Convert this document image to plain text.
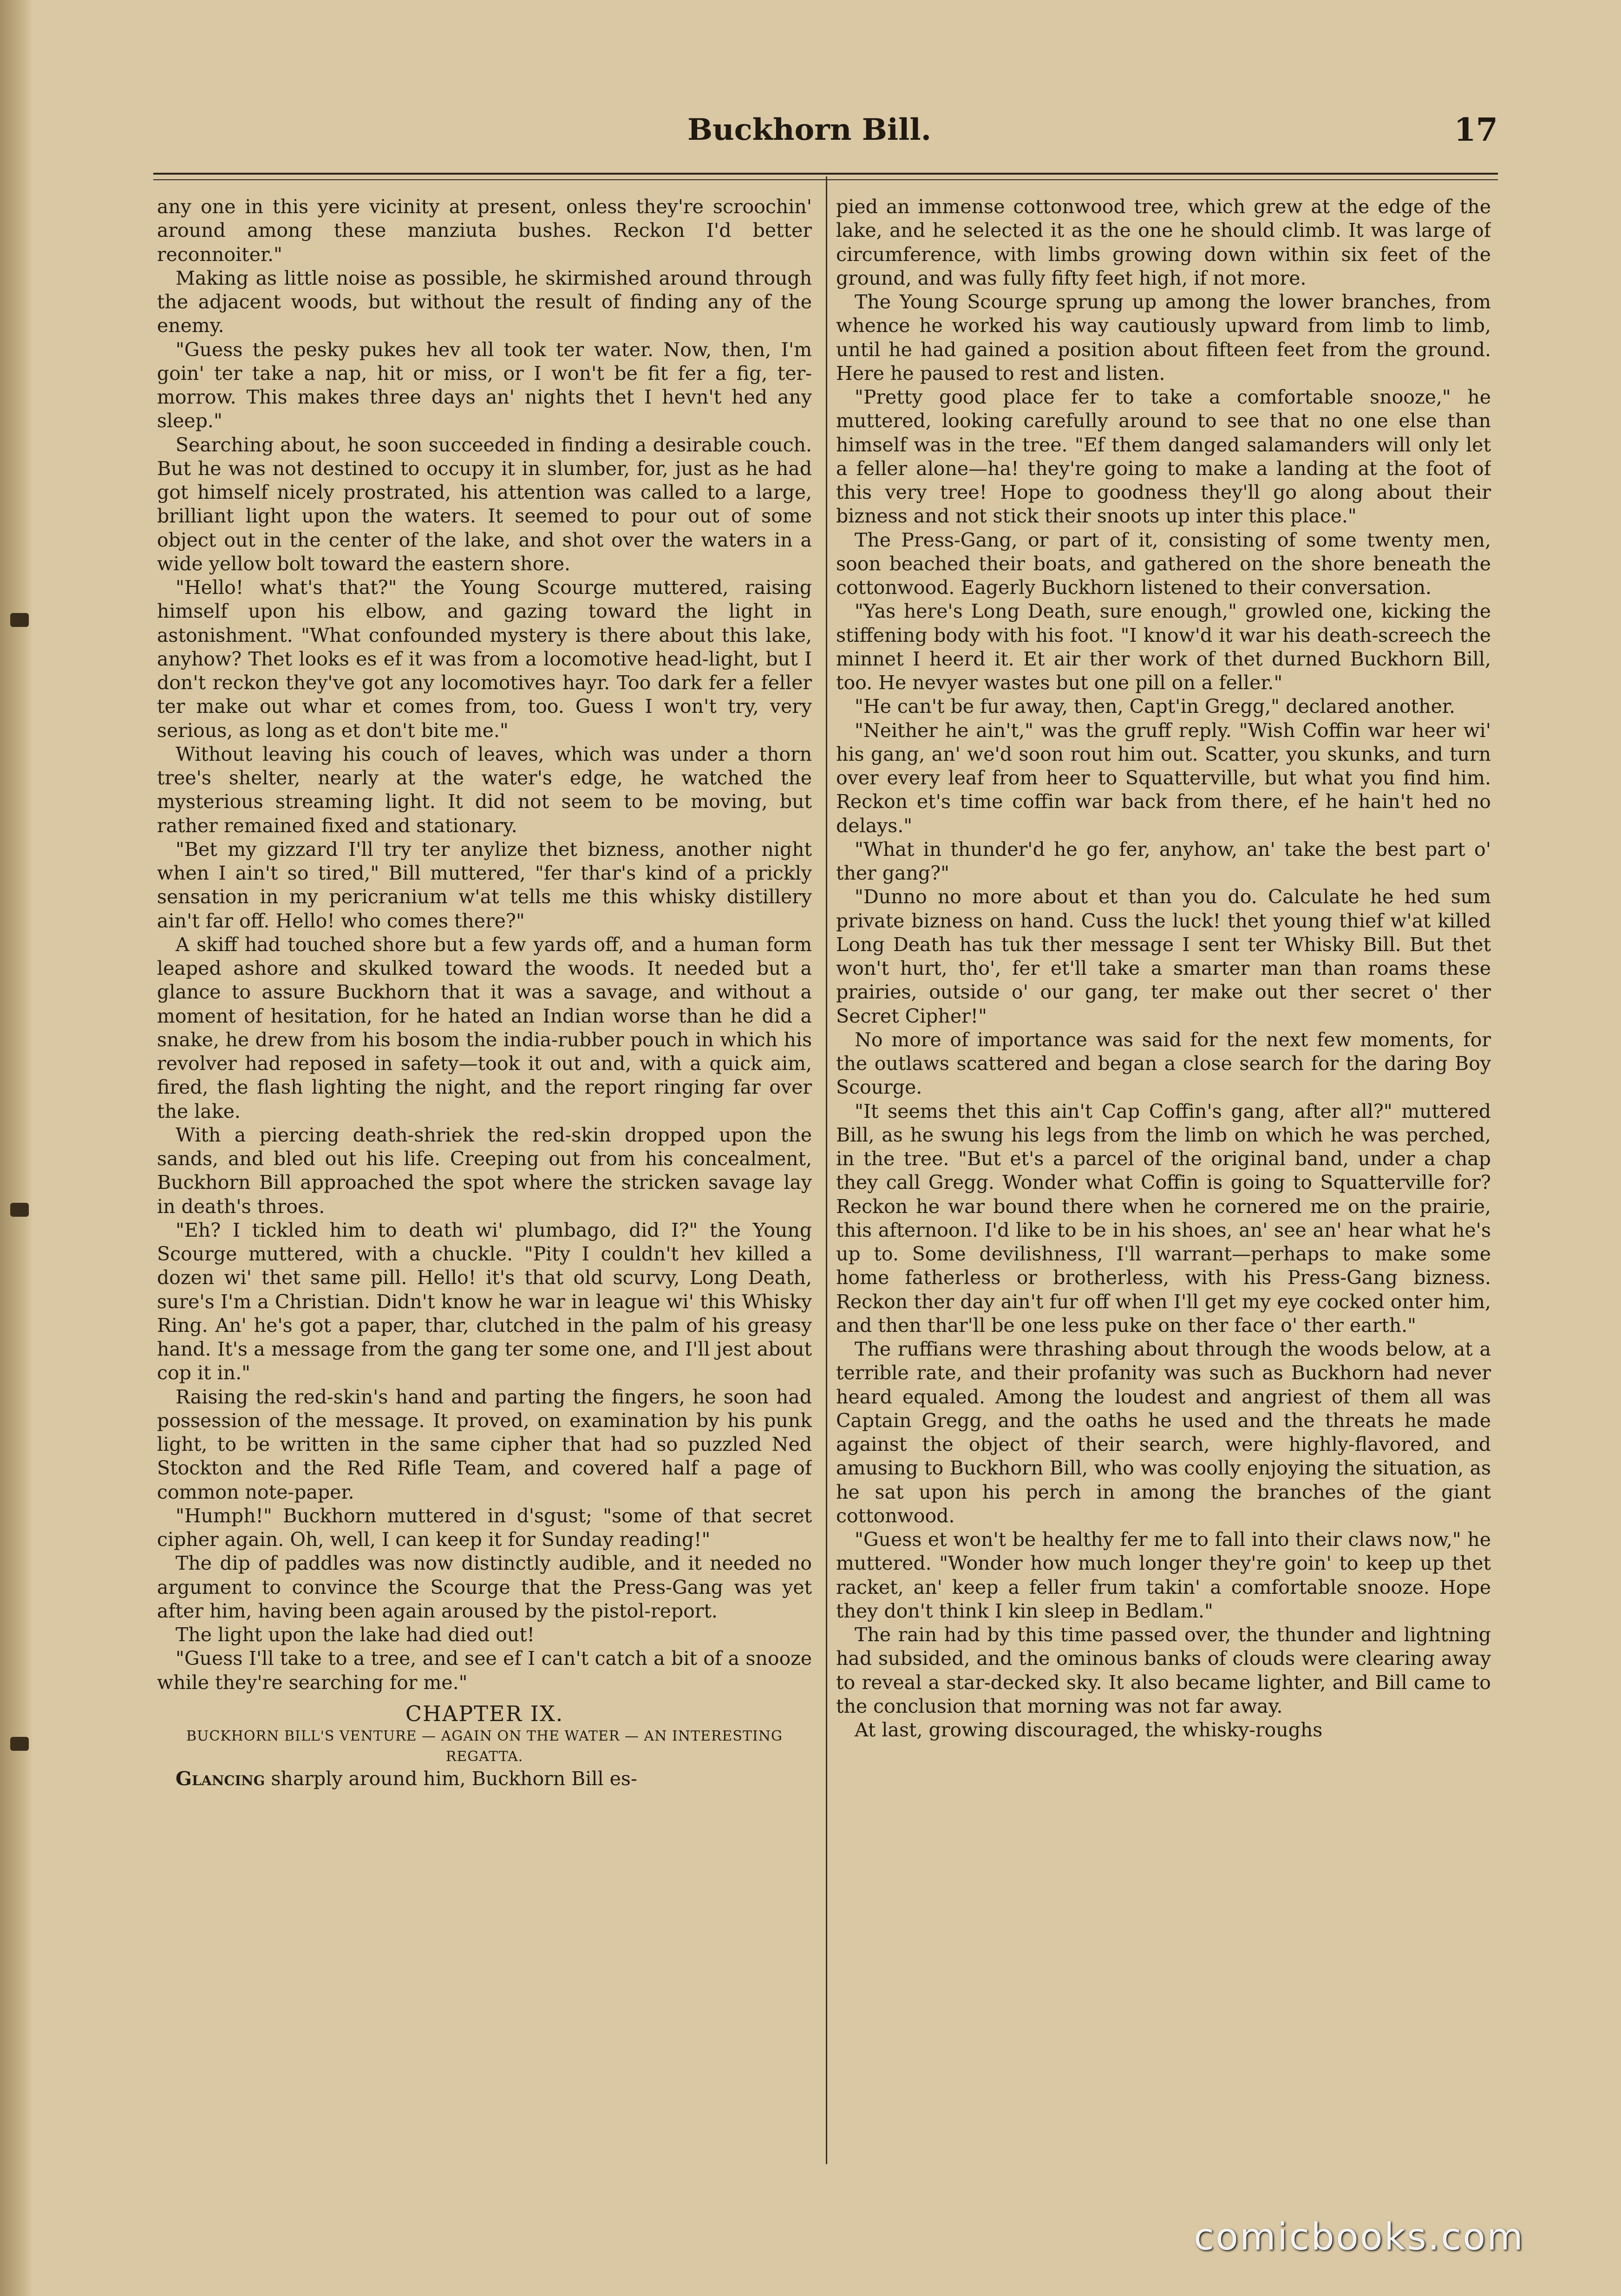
Buckhorn Bill.	17

any one in this yere vicinity at present, onless they're scroochin' around among these manziuta bushes. Reckon I'd better reconnoiter."

Making as little noise as possible, he skirmished around through the adjacent woods, but without the result of finding any of the enemy.

"Guess the pesky pukes hev all took ter water. Now, then, I'm goin' ter take a nap, hit or miss, or I won't be fit fer a fig, ter-morrow. This makes three days an' nights thet I hevn't hed any sleep."

Searching about, he soon succeeded in finding a desirable couch. But he was not destined to occupy it in slumber, for, just as he had got himself nicely prostrated, his attention was called to a large, brilliant light upon the waters. It seemed to pour out of some object out in the center of the lake, and shot over the waters in a wide yellow bolt toward the eastern shore.

"Hello! what's that?" the Young Scourge muttered, raising himself upon his elbow, and gazing toward the light in astonishment. "What confounded mystery is there about this lake, anyhow? Thet looks es ef it was from a locomotive head-light, but I don't reckon they've got any locomotives hayr. Too dark fer a feller ter make out whar et comes from, too. Guess I won't try, very serious, as long as et don't bite me."

Without leaving his couch of leaves, which was under a thorn tree's shelter, nearly at the water's edge, he watched the mysterious streaming light. It did not seem to be moving, but rather remained fixed and stationary.

"Bet my gizzard I'll try ter anylize thet bizness, another night when I ain't so tired," Bill muttered, "fer thar's kind of a prickly sensation in my pericranium w'at tells me this whisky distillery ain't far off. Hello! who comes there?"

A skiff had touched shore but a few yards off, and a human form leaped ashore and skulked toward the woods. It needed but a glance to assure Buckhorn that it was a savage, and without a moment of hesitation, for he hated an Indian worse than he did a snake, he drew from his bosom the india-rubber pouch in which his revolver had reposed in safety—took it out and, with a quick aim, fired, the flash lighting the night, and the report ringing far over the lake.

With a piercing death-shriek the red-skin dropped upon the sands, and bled out his life. Creeping out from his concealment, Buckhorn Bill approached the spot where the stricken savage lay in death's throes.

"Eh? I tickled him to death wi' plumbago, did I?" the Young Scourge muttered, with a chuckle. "Pity I couldn't hev killed a dozen wi' thet same pill. Hello! it's that old scurvy, Long Death, sure's I'm a Christian. Didn't know he war in league wi' this Whisky Ring. An' he's got a paper, thar, clutched in the palm of his greasy hand. It's a message from the gang ter some one, and I'll jest about cop it in."

Raising the red-skin's hand and parting the fingers, he soon had possession of the message. It proved, on examination by his punk light, to be written in the same cipher that had so puzzled Ned Stockton and the Red Rifle Team, and covered half a page of common note-paper.

"Humph!" Buckhorn muttered in d'sgust; "some of that secret cipher again. Oh, well, I can keep it for Sunday reading!"

The dip of paddles was now distinctly audible, and it needed no argument to convince the Scourge that the Press-Gang was yet after him, having been again aroused by the pistol-report.

The light upon the lake had died out!

"Guess I'll take to a tree, and see ef I can't catch a bit of a snooze while they're searching for me."

CHAPTER IX.
BUCKHORN BILL'S VENTURE — AGAIN ON THE WATER — AN INTERESTING REGATTA.

Glancing sharply around him, Buckhorn Bill es-

pied an immense cottonwood tree, which grew at the edge of the lake, and he selected it as the one he should climb. It was large of circumference, with limbs growing down within six feet of the ground, and was fully fifty feet high, if not more.

The Young Scourge sprung up among the lower branches, from whence he worked his way cautiously upward from limb to limb, until he had gained a position about fifteen feet from the ground. Here he paused to rest and listen.

"Pretty good place fer to take a comfortable snooze," he muttered, looking carefully around to see that no one else than himself was in the tree. "Ef them danged salamanders will only let a feller alone—ha! they're going to make a landing at the foot of this very tree! Hope to goodness they'll go along about their bizness and not stick their snoots up inter this place."

The Press-Gang, or part of it, consisting of some twenty men, soon beached their boats, and gathered on the shore beneath the cottonwood. Eagerly Buckhorn listened to their conversation.

"Yas here's Long Death, sure enough," growled one, kicking the stiffening body with his foot. "I know'd it war his death-screech the minnet I heerd it. Et air ther work of thet durned Buckhorn Bill, too. He nevyer wastes but one pill on a feller."

"He can't be fur away, then, Capt'in Gregg," declared another.

"Neither he ain't," was the gruff reply. "Wish Coffin war heer wi' his gang, an' we'd soon rout him out. Scatter, you skunks, and turn over every leaf from heer to Squatterville, but what you find him. Reckon et's time coffin war back from there, ef he hain't hed no delays."

"What in thunder'd he go fer, anyhow, an' take the best part o' ther gang?"

"Dunno no more about et than you do. Calculate he hed sum private bizness on hand. Cuss the luck! thet young thief w'at killed Long Death has tuk ther message I sent ter Whisky Bill. But thet won't hurt, tho', fer et'll take a smarter man than roams these prairies, outside o' our gang, ter make out ther secret o' ther Secret Cipher!"

No more of importance was said for the next few moments, for the outlaws scattered and began a close search for the daring Boy Scourge.

"It seems thet this ain't Cap Coffin's gang, after all?" muttered Bill, as he swung his legs from the limb on which he was perched, in the tree. "But et's a parcel of the original band, under a chap they call Gregg. Wonder what Coffin is going to Squatterville for? Reckon he war bound there when he cornered me on the prairie, this afternoon. I'd like to be in his shoes, an' see an' hear what he's up to. Some devilishness, I'll warrant—perhaps to make some home fatherless or brotherless, with his Press-Gang bizness. Reckon ther day ain't fur off when I'll get my eye cocked onter him, and then thar'll be one less puke on ther face o' ther earth."

The ruffians were thrashing about through the woods below, at a terrible rate, and their profanity was such as Buckhorn had never heard equaled. Among the loudest and angriest of them all was Captain Gregg, and the oaths he used and the threats he made against the object of their search, were highly-flavored, and amusing to Buckhorn Bill, who was coolly enjoying the situation, as he sat upon his perch in among the branches of the giant cottonwood.

"Guess et won't be healthy fer me to fall into their claws now," he muttered. "Wonder how much longer they're goin' to keep up thet racket, an' keep a feller frum takin' a comfortable snooze. Hope they don't think I kin sleep in Bedlam."

The rain had by this time passed over, the thunder and lightning had subsided, and the ominous banks of clouds were clearing away to reveal a star-decked sky. It also became lighter, and Bill came to the conclusion that morning was not far away.

At last, growing discouraged, the whisky-roughs

comicbooks.com
